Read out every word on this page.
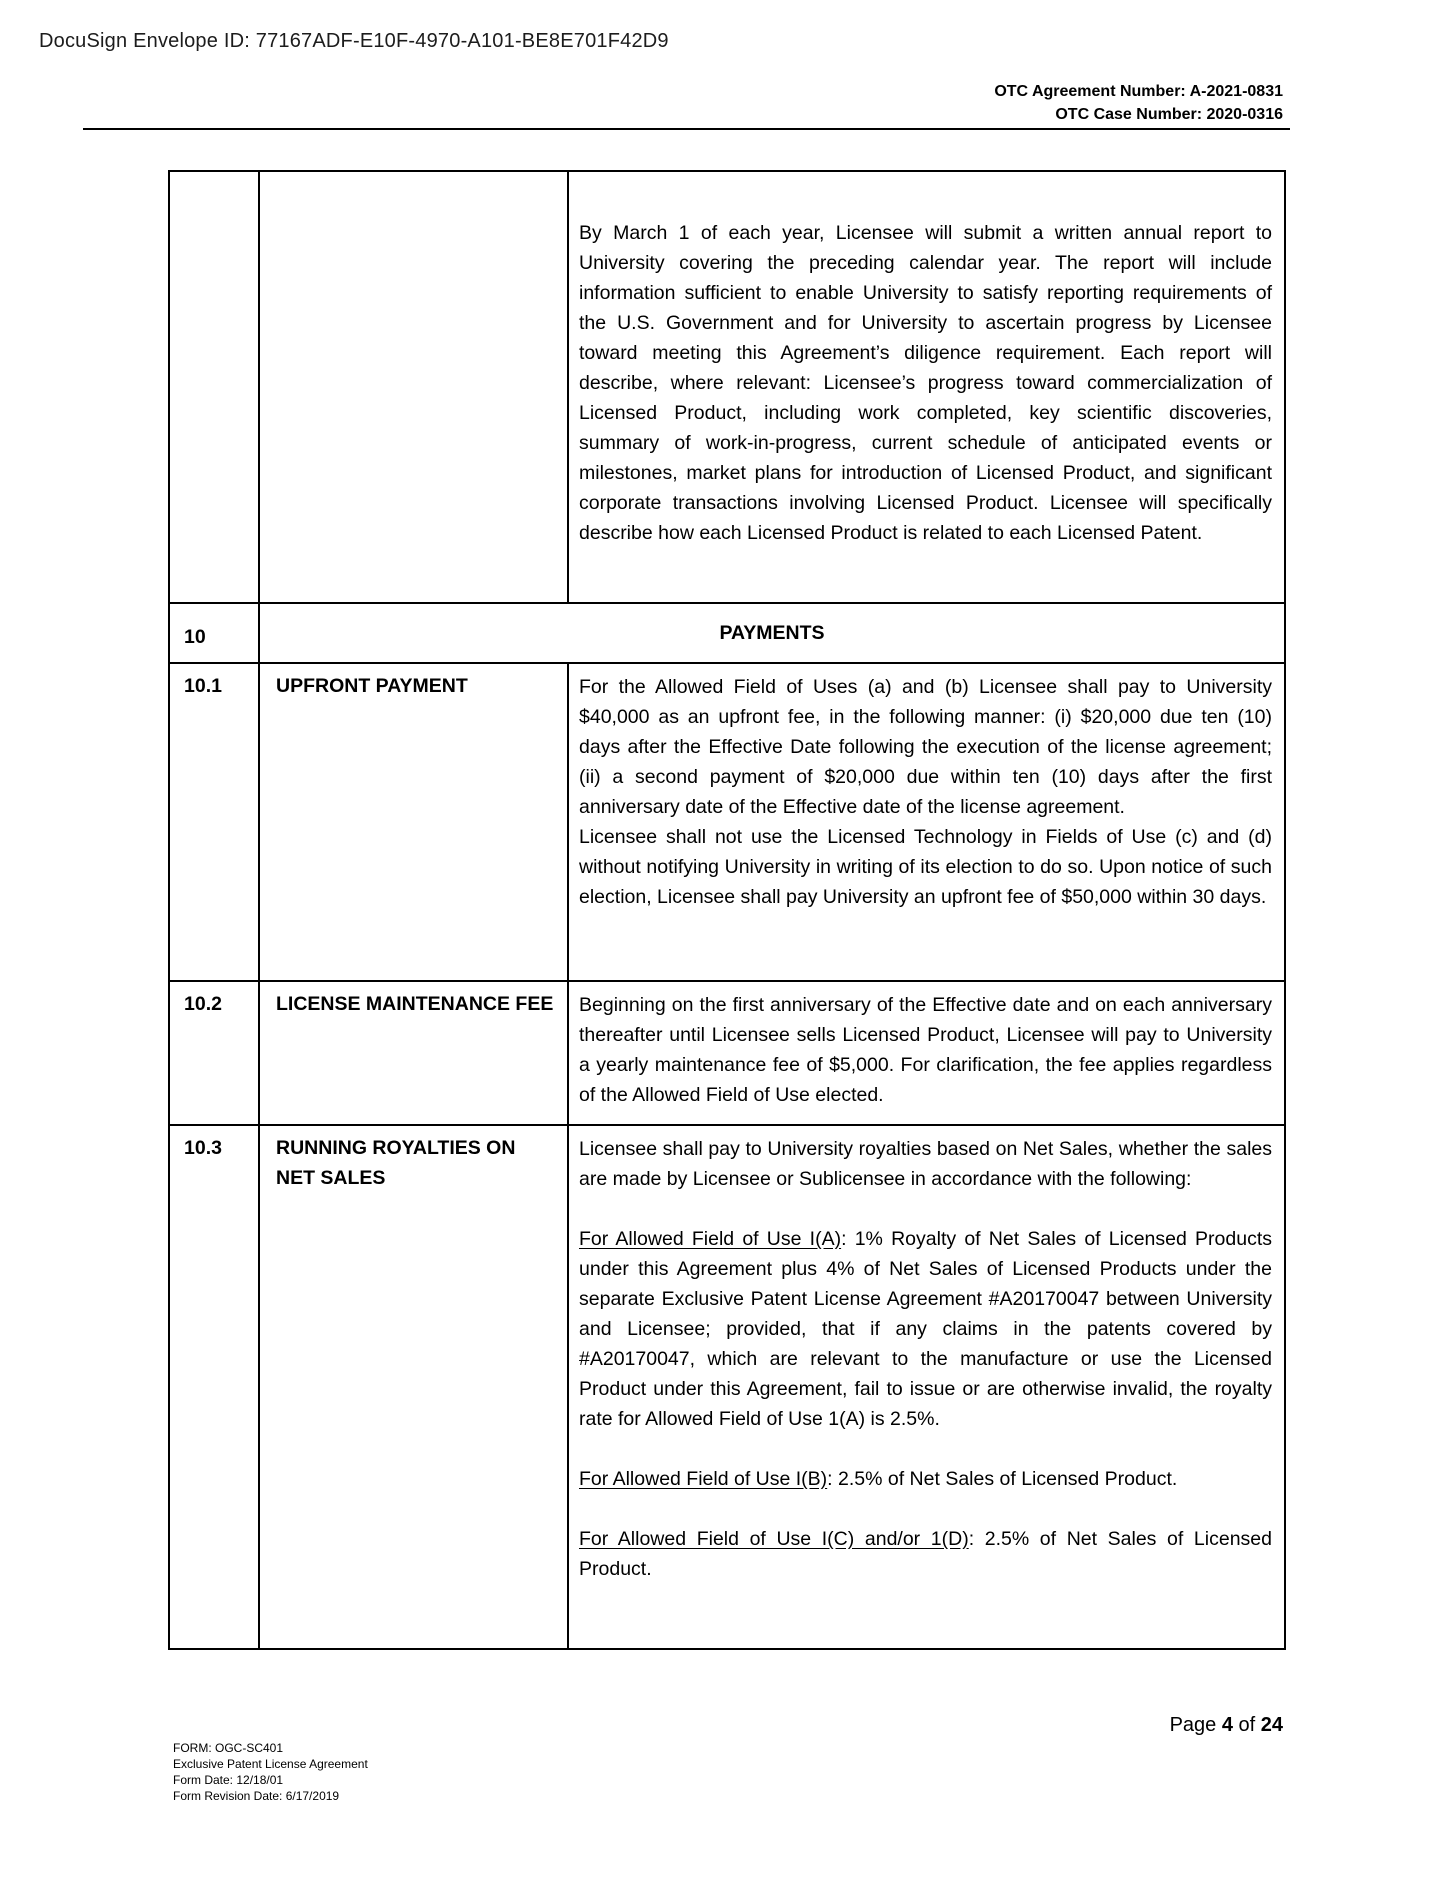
DocuSign Envelope ID: 77167ADF-E10F-4970-A101-BE8E701F42D9
OTC Agreement Number: A-2021-0831
OTC Case Number: 2020-0316

		By March 1 of each year, Licensee will submit a written annual report to University covering the preceding calendar year. The report will include information sufficient to enable University to satisfy reporting requirements of the U.S. Government and for University to ascertain progress by Licensee toward meeting this Agreement’s diligence requirement. Each report will describe, where relevant: Licensee’s progress toward commercialization of Licensed Product, including work completed, key scientific discoveries, summary of work-in-progress, current schedule of anticipated events or milestones, market plans for introduction of Licensed Product, and significant corporate transactions involving Licensed Product. Licensee will specifically describe how each Licensed Product is related to each Licensed Patent.

10	PAYMENTS	
10.1	UPFRONT PAYMENT	For the Allowed Field of Uses (a) and (b) Licensee shall pay to University $40,000 as an upfront fee, in the following manner: (i) $20,000 due ten (10) days after the Effective Date following the execution of the license agreement; (ii) a second payment of $20,000 due within ten (10) days after the first anniversary date of the Effective date of the license agreement.

Licensee shall not use the Licensed Technology in Fields of Use (c) and (d) without notifying University in writing of its election to do so. Upon notice of such election, Licensee shall pay University an upfront fee of $50,000 within 30 days.

10.2	LICENSE MAINTENANCE FEE	Beginning on the first anniversary of the Effective date and on each anniversary thereafter until Licensee sells Licensed Product, Licensee will pay to University a yearly maintenance fee of $5,000. For clarification, the fee applies regardless of the Allowed Field of Use elected.

10.3	RUNNING ROYALTIES ON NET SALES	Licensee shall pay to University royalties based on Net Sales, whether the sales are made by Licensee or Sublicensee in accordance with the following:

For Allowed Field of Use I(A): 1% Royalty of Net Sales of Licensed Products under this Agreement plus 4% of Net Sales of Licensed Products under the separate Exclusive Patent License Agreement #A20170047 between University and Licensee; provided, that if any claims in the patents covered by #A20170047, which are relevant to the manufacture or use the Licensed Product under this Agreement, fail to issue or are otherwise invalid, the royalty rate for Allowed Field of Use 1(A) is 2.5%.

For Allowed Field of Use I(B): 2.5% of Net Sales of Licensed Product.

For Allowed Field of Use I(C) and/or 1(D): 2.5% of Net Sales of Licensed Product.

Page 4 of 24
FORM: OGC-SC401
Exclusive Patent License Agreement
Form Date: 12/18/01
Form Revision Date: 6/17/2019
